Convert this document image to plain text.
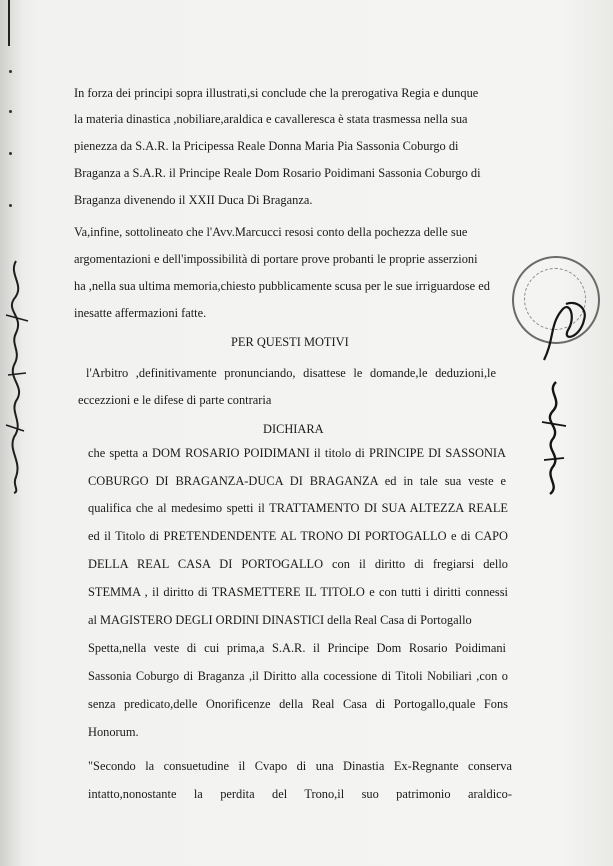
In forza dei principi sopra illustrati,si conclude che la prerogativa Regia e dunque
la materia dinastica ,nobiliare,araldica e cavalleresca è stata trasmessa nella sua
pienezza da S.A.R. la Pricipessa Reale Donna Maria Pia Sassonia Coburgo di
Braganza a S.A.R. il Principe Reale Dom Rosario Poidimani Sassonia Coburgo di
Braganza divenendo il XXII Duca Di Braganza.
Va,infine, sottolineato che l'Avv.Marcucci resosi conto della pochezza delle sue
argomentazioni e dell'impossibilità di portare prove probanti le proprie asserzioni
ha ,nella sua ultima memoria,chiesto pubblicamente scusa per le sue irriguardose ed
inesatte affermazioni fatte.
PER QUESTI MOTIVI
l'Arbitro ,definitivamente pronunciando, disattese le domande,le deduzioni,le
eccezzioni e le difese di parte contraria
DICHIARA
che spetta a DOM ROSARIO POIDIMANI il titolo di PRINCIPE DI SASSONIA
COBURGO DI BRAGANZA-DUCA DI BRAGANZA ed in tale sua veste e
qualifica che al medesimo spetti il TRATTAMENTO DI SUA ALTEZZA REALE
ed il Titolo di PRETENDENDENTE AL TRONO DI PORTOGALLO e di CAPO
DELLA REAL CASA DI PORTOGALLO con il diritto di fregiarsi dello
STEMMA , il diritto di TRASMETTERE IL TITOLO e con tutti i diritti connessi
al MAGISTERO DEGLI ORDINI DINASTICI della Real Casa di Portogallo
Spetta,nella veste di cui prima,a S.A.R. il Principe Dom Rosario Poidimani
Sassonia Coburgo di Braganza ,il Diritto alla cocessione di Titoli Nobiliari ,con o
senza predicato,delle Onorificenze della Real Casa di Portogallo,quale Fons
Honorum.
"Secondo la consuetudine il Cvapo di una Dinastia Ex-Regnante conserva
intatto,nonostante la perdita del Trono,il suo patrimonio araldico-
